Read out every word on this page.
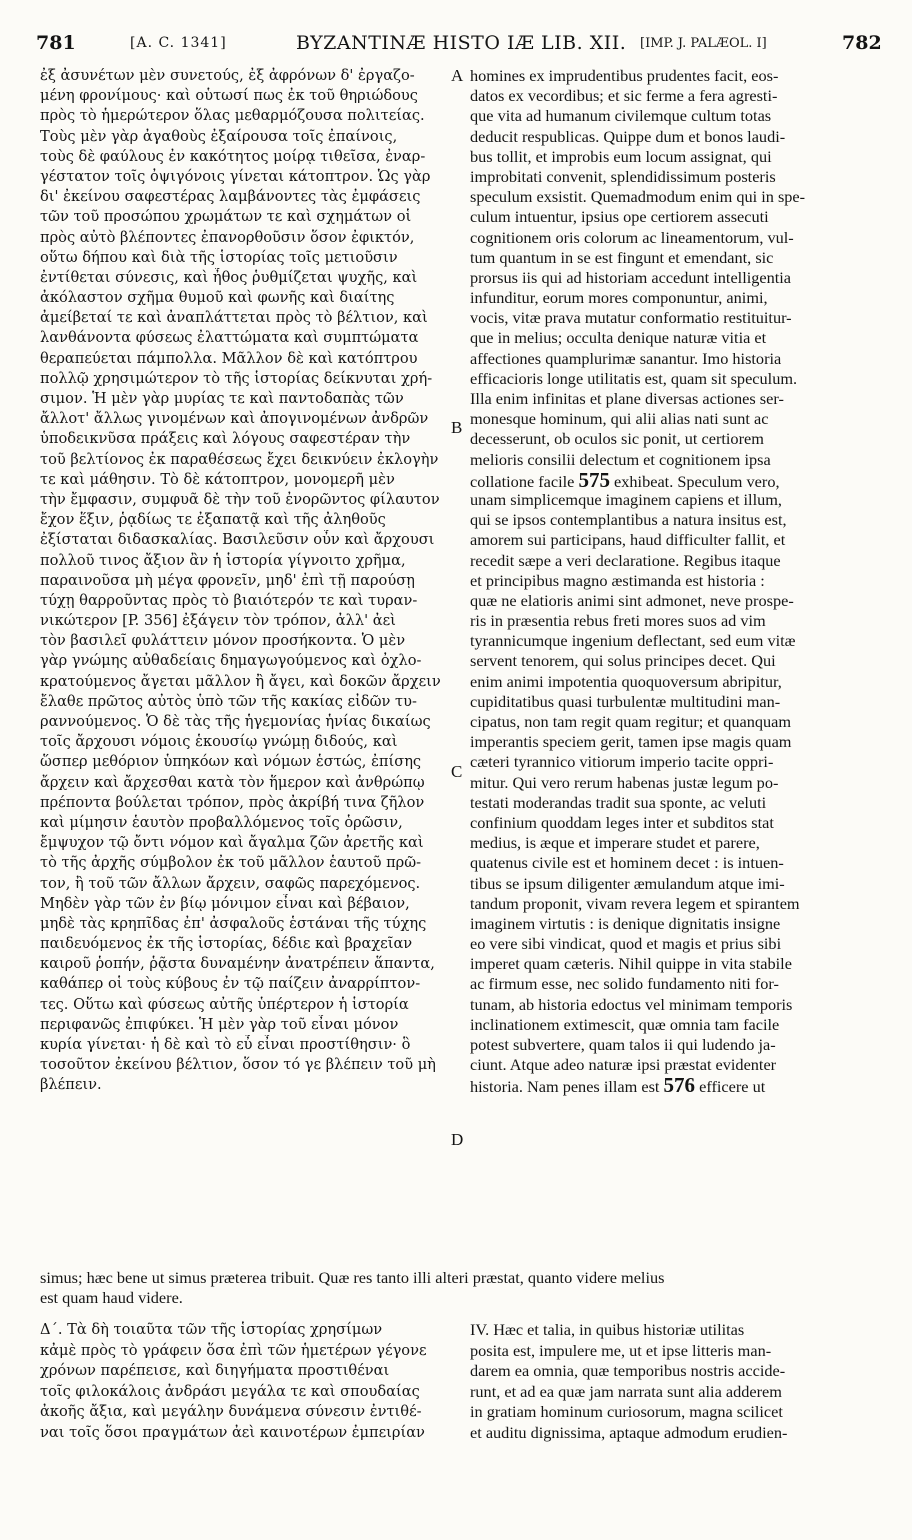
781	[A. C. 1341]	BYZANTINÆ HISTO IÆ LIB. XII. [IMP. J. PALÆOL. I]	782
ἐξ ἀσυνέτων μὲν συνετούς, ἐξ ἀφρόνων δ' ἐργαζο-
μένη φρονίμους· καὶ οὑτωσί πως ἐκ τοῦ θηριώδους
πρὸς τὸ ἡμερώτερον ὅλας μεθαρμόζουσα πολιτείας.
Τοὺς μὲν γὰρ ἀγαθοὺς ἐξαίρουσα τοῖς ἐπαίνοις,
τοὺς δὲ φαύλους ἐν κακότητος μοίρᾳ τιθεῖσα, ἐναρ-
γέστατον τοῖς ὀψιγόνοις γίνεται κάτοπτρον. Ὡς γὰρ
δι' ἐκείνου σαφεστέρας λαμβάνοντες τὰς ἐμφάσεις
τῶν τοῦ προσώπου χρωμάτων τε καὶ σχημάτων οἱ
πρὸς αὐτὸ βλέποντες ἐπανορθοῦσιν ὅσον ἐφικτόν,
οὕτω δήπου καὶ διὰ τῆς ἱστορίας τοῖς μετιοῦσιν
ἐντίθεται σύνεσις, καὶ ἦθος ῥυθμίζεται ψυχῆς, καὶ
ἀκόλαστον σχῆμα θυμοῦ καὶ φωνῆς καὶ διαίτης
ἀμείβεταί τε καὶ ἀναπλάττεται πρὸς τὸ βέλτιον, καὶ
λανθάνοντα φύσεως ἐλαττώματα καὶ συμπτώματα
θεραπεύεται πάμπολλα. Μᾶλλον δὲ καὶ κατόπτρου
πολλῷ χρησιμώτερον τὸ τῆς ἱστορίας δείκνυται χρή-
σιμον. Ἡ μὲν γὰρ μυρίας τε καὶ παντοδαπὰς τῶν
ἄλλοτ' ἄλλως γινομένων καὶ ἀπογινομένων ἀνδρῶν
ὑποδεικνῦσα πράξεις καὶ λόγους σαφεστέραν τὴν
τοῦ βελτίονος ἐκ παραθέσεως ἔχει δεικνύειν ἐκλογὴν
τε καὶ μάθησιν. Τὸ δὲ κάτοπτρον, μονομερῆ μὲν
τὴν ἔμφασιν, συμφυᾶ δὲ τὴν τοῦ ἐνορῶντος φίλαυτον
ἔχον ἕξιν, ῥᾳδίως τε ἐξαπατᾷ καὶ τῆς ἀληθοῦς
ἐξίσταται διδασκαλίας. Βασιλεῦσιν οὖν καὶ ἄρχουσι
πολλοῦ τινος ἄξιον ἂν ἡ ἱστορία γίγνοιτο χρῆμα,
παραινοῦσα μὴ μέγα φρονεῖν, μηδ' ἐπὶ τῇ παρούσῃ
τύχῃ θαρροῦντας πρὸς τὸ βιαιότερόν τε καὶ τυραν-
νικώτερον [P. 356] ἐξάγειν τὸν τρόπον, ἀλλ' ἀεὶ
τὸν βασιλεῖ φυλάττειν μόνον προσήκοντα. Ὁ μὲν
γὰρ γνώμης αὐθαδείαις δημαγωγούμενος καὶ ὀχλο-
κρατούμενος ἄγεται μᾶλλον ἢ ἄγει, καὶ δοκῶν ἄρχειν
ἔλαθε πρῶτος αὐτὸς ὑπὸ τῶν τῆς κακίας εἰδῶν τυ-
ραννούμενος. Ὁ δὲ τὰς τῆς ἡγεμονίας ἡνίας δικαίως
τοῖς ἄρχουσι νόμοις ἑκουσίῳ γνώμῃ διδούς, καὶ
ὥσπερ μεθόριον ὑπηκόων καὶ νόμων ἑστώς, ἐπίσης
ἄρχειν καὶ ἄρχεσθαι κατὰ τὸν ἥμερον καὶ ἀνθρώπῳ
πρέποντα βούλεται τρόπον, πρὸς ἀκρίβή τινα ζῆλον
καὶ μίμησιν ἑαυτὸν προβαλλόμενος τοῖς ὁρῶσιν,
ἔμψυχον τῷ ὄντι νόμον καὶ ἄγαλμα ζῶν ἀρετῆς καὶ
τὸ τῆς ἀρχῆς σύμβολον ἐκ τοῦ μᾶλλον ἑαυτοῦ πρῶ-
τον, ἢ τοῦ τῶν ἄλλων ἄρχειν, σαφῶς παρεχόμενος.
Μηδὲν γὰρ τῶν ἐν βίῳ μόνιμον εἶναι καὶ βέβαιον,
μηδὲ τὰς κρηπῖδας ἐπ' ἀσφαλοῦς ἑστάναι τῆς τύχης
παιδευόμενος ἐκ τῆς ἱστορίας, δέδιε καὶ βραχεῖαν
καιροῦ ῥοπήν, ῥᾷστα δυναμένην ἀνατρέπειν ἅπαντα,
καθάπερ οἱ τοὺς κύβους ἐν τῷ παίζειν ἀναρρίπτον-
τες. Οὕτω καὶ φύσεως αὐτῆς ὑπέρτερον ἡ ἱστορία
περιφανῶς ἐπιφύκει. Ἡ μὲν γὰρ τοῦ εἶναι μόνον
κυρία γίνεται· ἡ δὲ καὶ τὸ εὖ εἶναι προστίθησιν· ὃ
τοσοῦτον ἐκείνου βέλτιον, ὅσον τό γε βλέπειν τοῦ μὴ
βλέπειν.
homines ex imprudentibus prudentes facit, eos-
datos ex vecordibus; et sic ferme a fera agresti-
que vita ad humanum civilemque cultum totas
deducit respublicas. Quippe dum et bonos laudi-
bus tollit, et improbis eum locum assignat, qui
improbitati convenit, splendidissimum posteris
speculum exsistit. Quemadmodum enim qui in spe-
culum intuentur, ipsius ope certiorem assecuti
cognitionem oris colorum ac lineamentorum, vul-
tum quantum in se est fingunt et emendant, sic
prorsus iis qui ad historiam accedunt intelligentia
infunditur, eorum mores componuntur, animi,
vocis, vitæ prava mutatur conformatio restituitur-
que in melius; occulta denique naturæ vitia et
affectiones quamplurimæ sanantur. Imo historia
efficacioris longe utilitatis est, quam sit speculum.
Illa enim infinitas et plane diversas actiones ser-
monesque hominum, qui alii alias nati sunt ac
decesserunt, ob oculos sic ponit, ut certiorem
melioris consilii delectum et cognitionem ipsa
collatione facile 575 exhibeat. Speculum vero,
unam simplicemque imaginem capiens et illum,
qui se ipsos contemplantibus a natura insitus est,
amorem sui participans, haud difficulter fallit, et
recedit sæpe a veri declaratione. Regibus itaque
et principibus magno æstimanda est historia :
quæ ne elatioris animi sint admonet, neve prospe-
ris in præsentia rebus freti mores suos ad vim
tyrannicumque ingenium deflectant, sed eum vitæ
servent tenorem, qui solus principes decet. Qui
enim animi impotentia quoquoversum abripitur,
cupiditatibus quasi turbulentæ multitudini man-
cipatus, non tam regit quam regitur; et quanquam
imperantis speciem gerit, tamen ipse magis quam
cæteri tyrannico vitiorum imperio tacite oppri-
mitur. Qui vero rerum habenas justæ legum po-
testati moderandas tradit sua sponte, ac veluti
confinium quoddam leges inter et subditos stat
medius, is æque et imperare studet et parere,
quatenus civile est et hominem decet : is intuen-
tibus se ipsum diligenter æmulandum atque imi-
tandum proponit, vivam revera legem et spirantem
imaginem virtutis : is denique dignitatis insigne
eo vere sibi vindicat, quod et magis et prius sibi
imperet quam cæteris. Nihil quippe in vita stabile
ac firmum esse, nec solido fundamento niti for-
tunam, ab historia edoctus vel minimam temporis
inclinationem extimescit, quæ omnia tam facile
potest subvertere, quam talos ii qui ludendo ja-
ciunt. Atque adeo naturæ ipsi præstat evidenter
historia. Nam penes illam est 576 efficere ut
A
B
C
D
simus; hæc bene ut simus præterea tribuit. Quæ res tanto illi alteri præstat, quanto videre melius
est quam haud videre.
Δ΄. Τὰ δὴ τοιαῦτα τῶν τῆς ἱστορίας χρησίμων
κἀμὲ πρὸς τὸ γράφειν ὅσα ἐπὶ τῶν ἡμετέρων γέγονε
χρόνων παρέπεισε, καὶ διηγήματα προστιθέναι
τοῖς φιλοκάλοις ἀνδράσι μεγάλα τε καὶ σπουδαίας
ἀκοῆς ἄξια, καὶ μεγάλην δυνάμενα σύνεσιν ἐντιθέ-
ναι τοῖς ὅσοι πραγμάτων ἀεὶ καινοτέρων ἐμπειρίαν
IV. Hæc et talia, in quibus historiæ utilitas
posita est, impulere me, ut et ipse litteris man-
darem ea omnia, quæ temporibus nostris accide-
runt, et ad ea quæ jam narrata sunt alia adderem
in gratiam hominum curiosorum, magna scilicet
et auditu dignissima, aptaque admodum erudien-
